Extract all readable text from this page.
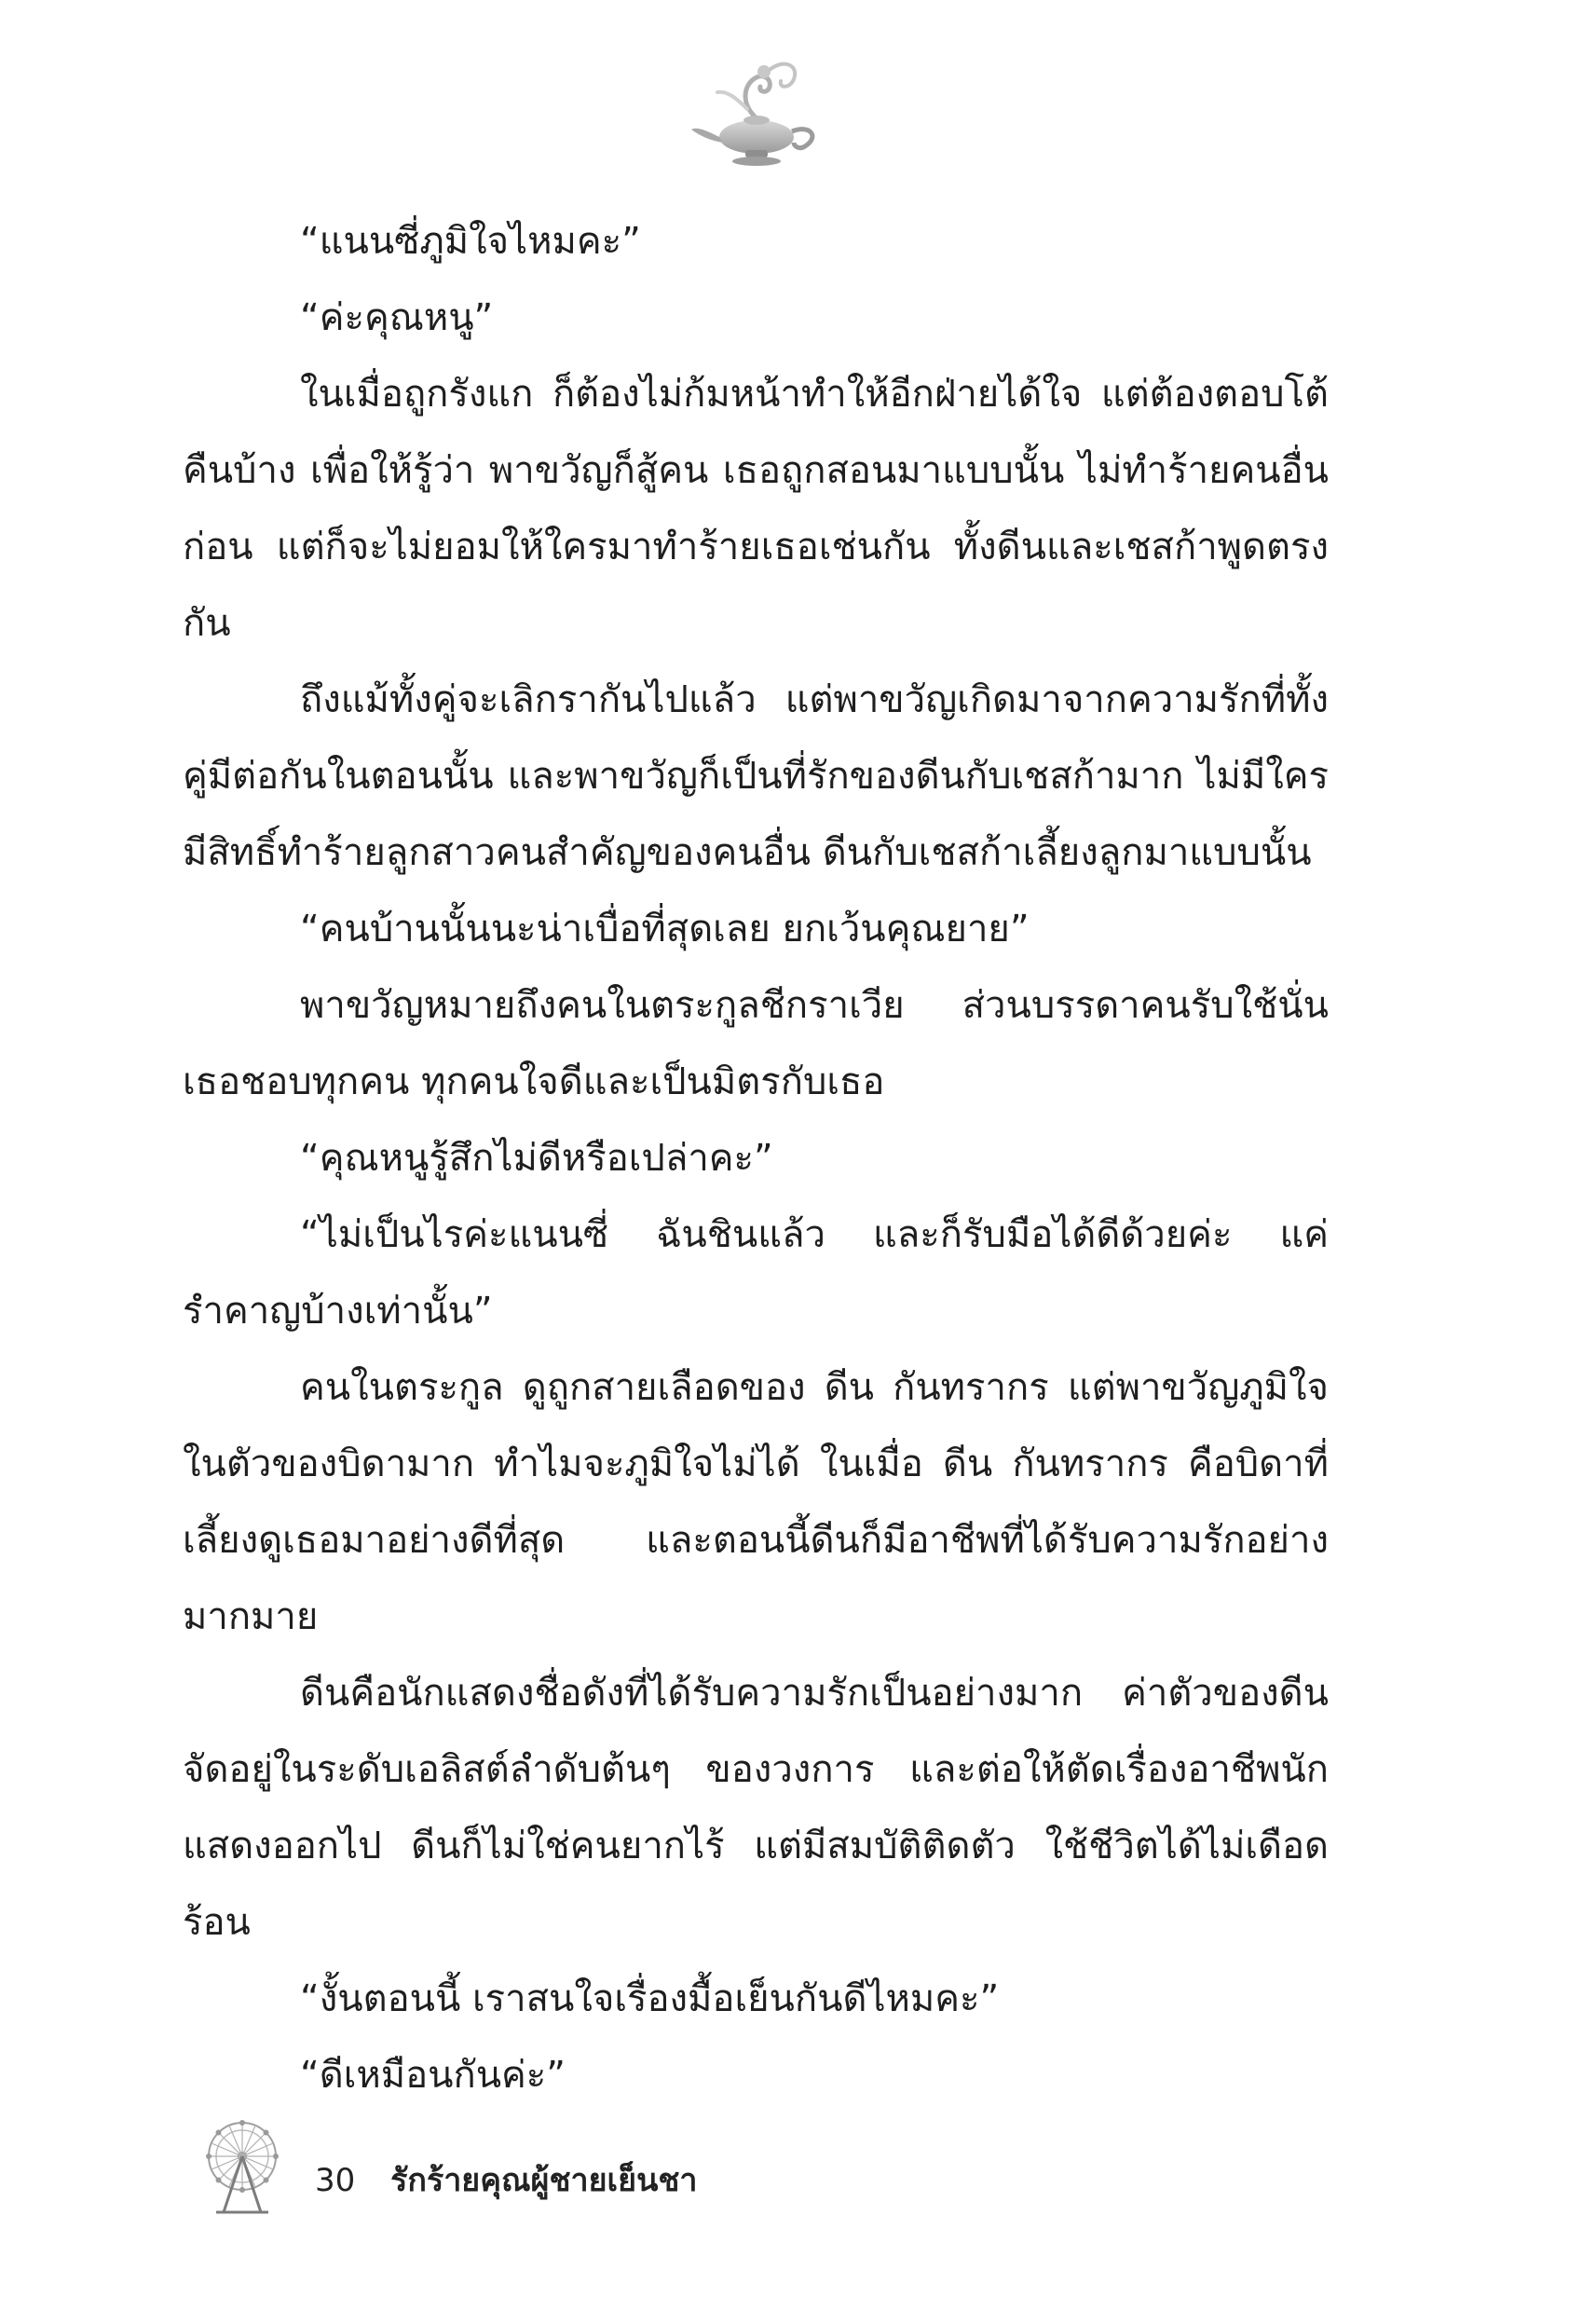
“แนนซี่ภูมิใจไหมคะ”

“ค่ะคุณหนู”

ในเมื่อถูกรังแก ก็ต้องไม่ก้มหน้าทำให้อีกฝ่ายได้ใจ แต่ต้องตอบโต้คืนบ้าง เพื่อให้รู้ว่า พาขวัญก็สู้คน เธอถูกสอนมาแบบนั้น ไม่ทำร้ายคนอื่นก่อน แต่ก็จะไม่ยอมให้ใครมาทำร้ายเธอเช่นกัน ทั้งดีนและเชสก้าพูดตรงกัน

ถึงแม้ทั้งคู่จะเลิกรากันไปแล้ว แต่พาขวัญเกิดมาจากความรักที่ทั้งคู่มีต่อกันในตอนนั้น และพาขวัญก็เป็นที่รักของดีนกับเชสก้ามาก ไม่มีใครมีสิทธิ์ทำร้ายลูกสาวคนสำคัญของคนอื่น ดีนกับเชสก้าเลี้ยงลูกมาแบบนั้น

“คนบ้านนั้นนะน่าเบื่อที่สุดเลย ยกเว้นคุณยาย”

พาขวัญหมายถึงคนในตระกูลชีกราเวีย ส่วนบรรดาคนรับใช้นั่นเธอชอบทุกคน ทุกคนใจดีและเป็นมิตรกับเธอ

“คุณหนูรู้สึกไม่ดีหรือเปล่าคะ”

“ไม่เป็นไรค่ะแนนซี่ ฉันชินแล้ว และก็รับมือได้ดีด้วยค่ะ แค่รำคาญบ้างเท่านั้น”

คนในตระกูล ดูถูกสายเลือดของ ดีน กันทรากร แต่พาขวัญภูมิใจในตัวของบิดามาก ทำไมจะภูมิใจไม่ได้ ในเมื่อ ดีน กันทรากร คือบิดาที่เลี้ยงดูเธอมาอย่างดีที่สุด และตอนนี้ดีนก็มีอาชีพที่ได้รับความรักอย่างมากมาย

ดีนคือนักแสดงชื่อดังที่ได้รับความรักเป็นอย่างมาก ค่าตัวของดีนจัดอยู่ในระดับเอลิสต์ลำดับต้นๆ ของวงการ และต่อให้ตัดเรื่องอาชีพนักแสดงออกไป ดีนก็ไม่ใช่คนยากไร้ แต่มีสมบัติติดตัว ใช้ชีวิตได้ไม่เดือดร้อน

“งั้นตอนนี้ เราสนใจเรื่องมื้อเย็นกันดีไหมคะ”

“ดีเหมือนกันค่ะ”

30 รักร้ายคุณผู้ชายเย็นชา
